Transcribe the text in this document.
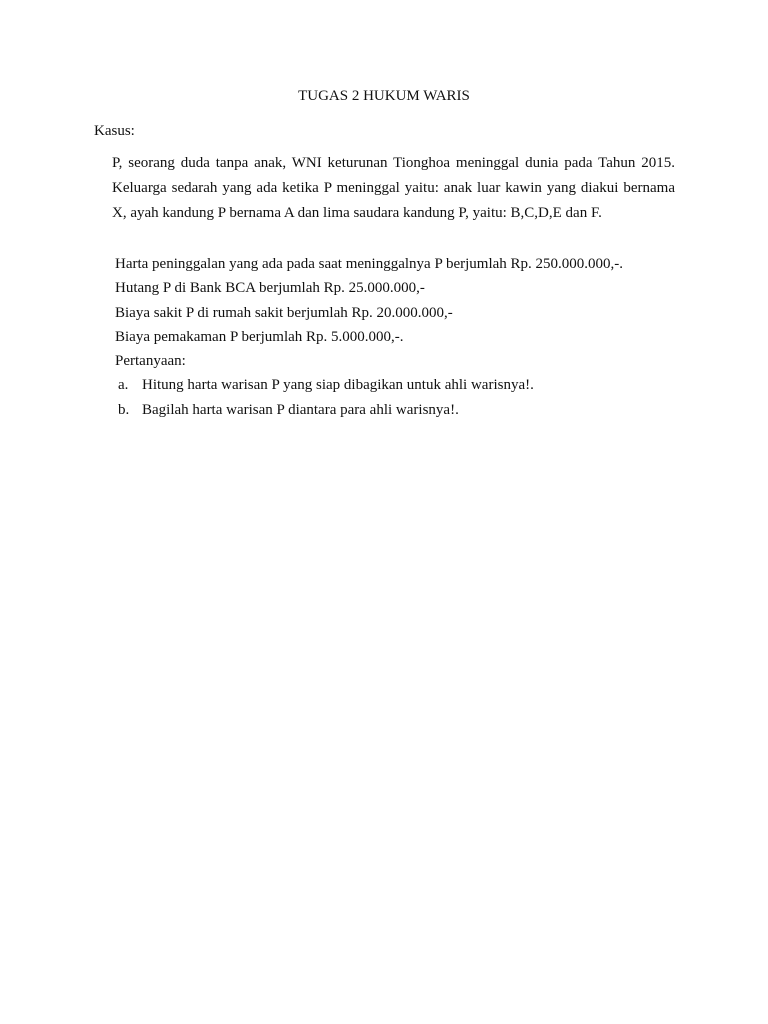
TUGAS 2 HUKUM WARIS
Kasus:
P, seorang duda tanpa anak, WNI keturunan Tionghoa meninggal dunia pada Tahun 2015. Keluarga sedarah yang ada ketika P meninggal yaitu: anak luar kawin yang diakui bernama X, ayah kandung P bernama A dan lima saudara kandung P, yaitu: B,C,D,E dan F.
Harta peninggalan yang ada pada saat meninggalnya P berjumlah Rp. 250.000.000,-.
Hutang P di Bank BCA berjumlah Rp. 25.000.000,-
Biaya sakit P di rumah sakit berjumlah Rp. 20.000.000,-
Biaya pemakaman P berjumlah Rp. 5.000.000,-.
Pertanyaan:
a. Hitung harta warisan P yang siap dibagikan untuk ahli warisnya!.
b. Bagilah harta warisan P diantara para ahli warisnya!.
